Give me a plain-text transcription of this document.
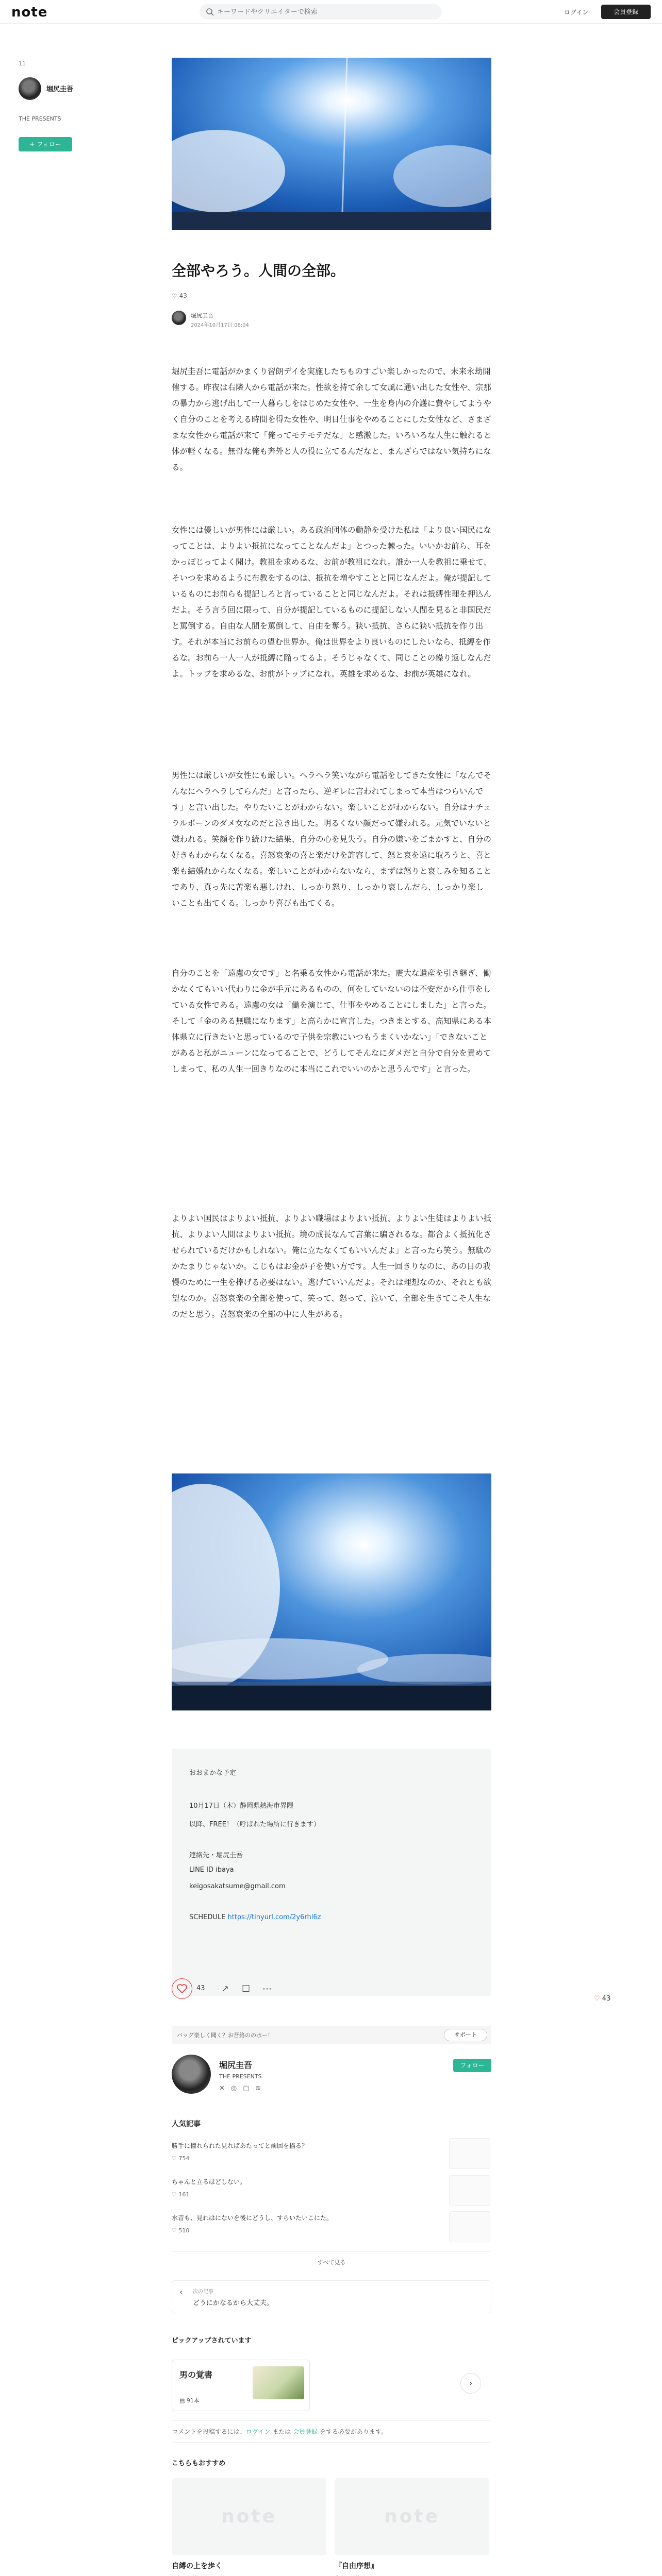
note
キーワードやクリエイターで検索	ログイン	会員登録
11
堀尻圭吾
THE PRESENTS
+ フォロー
全部やろう。人間の全部。
♡ 43
堀尻圭吾
2024年10月17日 08:04
堀尻圭吾に電話がかまくり習朗デイを実施したちものすごい楽しかったので、未来永劫開催する。昨夜は右隣人から電話が来た。性欲を持て余して女風に通い出した女性や、宗那の暴力から逃げ出して一人暮らしをはじめた女性や、一生を身内の介護に費やしてようやく自分のことを考える時間を得た女性や、明日仕事をやめることにした女性など、さまざまな女性から電話が来て「俺ってモテモテだな」と感激した。いろいろな人生に触れると体が軽くなる。無骨な俺も奔外と人の役に立てるんだなと、まんざらではない気持ちになる。
女性には優しいが男性には厳しい。ある政治団体の動静を受けた私は「より良い国民になってことは、よりよい抵抗になってことなんだよ」とつった棘った。いいかお前ら、耳をかっぽじってよく聞け。教祖を求めるな、お前が教祖になれ。誰か一人を教祖に乗せて、そいつを求めるように布教をするのは、抵抗を増やすことと同じなんだよ。俺が提記しているものにお前らも提記しろと言っていることと同じなんだよ。それは抵縛性理を押込んだよ。そう言う回に限って、自分が提記しているものに提記しない人間を見ると非国民だと罵倒する。自由な人間を罵倒して、自由を奪う。狭い抵抗、さらに狭い抵抗を作り出す。それが本当にお前らの望む世界か。俺は世界をより良いものにしたいなら、抵縛を作るな。お前ら一人一人が抵縛に陥ってるよ。そうじゃなくて、同じことの繰り返しなんだよ。トップを求めるな、お前がトップになれ。英雄を求めるな、お前が英雄になれ。
男性には厳しいが女性にも厳しい。ヘラヘラ笑いながら電話をしてきた女性に「なんでそんなにヘラヘラしてらんだ」と言ったら、逆ギレに言われてしまって本当はつらいんです」と言い出した。やりたいことがわからない。楽しいことがわからない。自分はナチュラルボーンのダメ女なのだと泣き出した。明るくない顔だって嫌われる。元気でいないと嫌われる。笑顔を作り続けた結果、自分の心を見失う。自分の嫌いをごまかすと、自分の好きもわからなくなる。喜怒哀楽の喜と楽だけを許容して、怒と哀を遠に取ろうと、喜と楽も結婚れからなくなる。楽しいことがわからないなら、まずは怒りと哀しみを知ることであり、真っ先に苦楽も悪しけれ、しっかり怒り、しっかり哀しんだら、しっかり楽しいことも出てくる。しっかり喜びも出てくる。
自分のことを「遠慮の女です」と名乗る女性から電話が来た。震大な遺産を引き継ぎ、働かなくてもいい代わりに金が手元にあるものの、何をしていないのは不安だから仕事をしている女性である。遠慮の女は「働を演じて、仕事をやめることにしました」と言った。そして「金のある無職になります」と高らかに宣言した。つきまとする、高知県にある本体県立に行きたいと思っているので子供を宗教にいつもうまくいかない」「できないことがあると私がニューンになってることで、どうしてそんなにダメだと自分で自分を責めてしまって、私の人生一回きりなのに本当にこれでいいのかと思うんです」と言った。
よりよい国民はよりよい抵抗、よりよい職場はよりよい抵抗、よりよい生徒はよりよい抵抗、よりよい人間はよりよい抵抗。境の成長なんて言葉に騙されるな。都合よく抵抗化させられているだけかもしれない。俺に立たなくてもいいんだよ」と言ったら笑う。無駄のかたまりじゃないか。こじもはお金が子を使い方です。人生一回きりなのに、あの日の我慢のために一生を捧げる必要はない。逃げていいんだよ。それは理想なのか、それとも欲望なのか。喜怒哀楽の全部を使って、笑って、怒って、泣いて、全部を生きてこそ人生なのだと思う。喜怒哀楽の全部の中に人生がある。
おおまかな予定
10月17日（木）静岡県熱海市界隈
以降、FREE！（呼ばれた場所に行きます）
連絡先・堀尻圭吾
LINE ID ibaya
keigosakatsume@gmail.com
SCHEDULE https://tinyurl.com/2y6rhl6z
43 ↗ ☐ ⋯
♡ 43
バッグ楽しく聞く？お吾絡のの水ー！	サポート
堀尻圭吾
THE PRESENTS
✕◎▢≋
フォロー
人気記事
勝手に憧れられた見ればあたってと前回を描る？
♡ 754
ちゃんと立るほどしない。
♡ 161
水音も、見れはにないを後にどうし、すらいたいこにた。
♡ 510
すべて見る
‹ 次の記事
どうにかなるから大丈夫。
ピックアップされています
男の覚書
▤ 91本
›
コメントを投稿するには、ログイン または 会員登録 をする必要があります。
こちらもおすすめ
note
自縛の上を歩く
note
『自由序想』
